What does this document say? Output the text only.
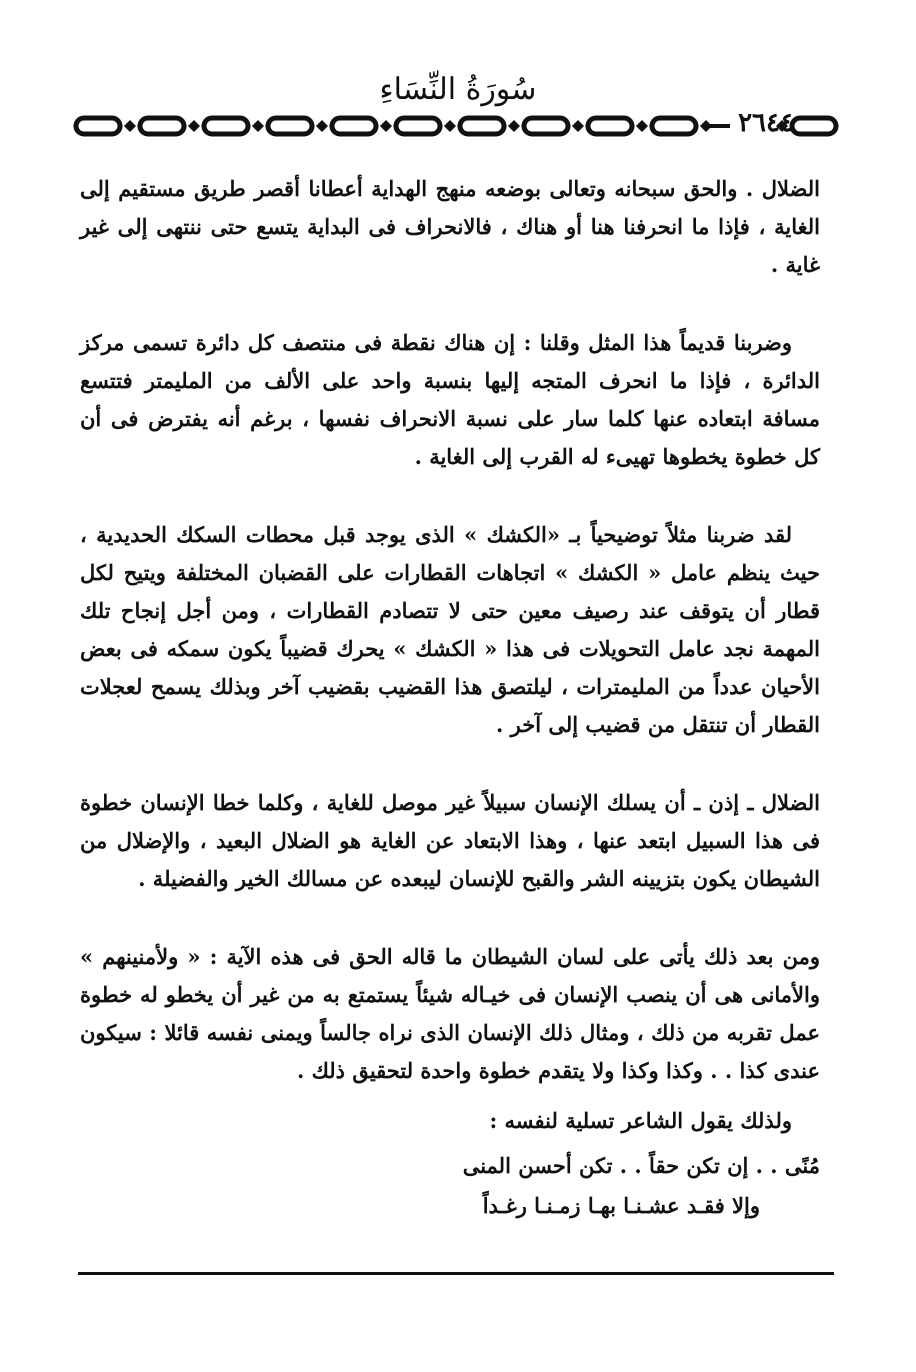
سُورَةُ النِّسَاءِ
٢٦٤٤

الضلال . والحق سبحانه وتعالى بوضعه منهج الهداية أعطانا أقصر طريق مستقيم إلى الغاية ، فإذا ما انحرفنا هنا أو هناك ، فالانحراف فى البداية يتسع حتى ننتهى إلى غير غاية .

وضربنا قديماً هذا المثل وقلنا : إن هناك نقطة فى منتصف كل دائرة تسمى مركز الدائرة ، فإذا ما انحرف المتجه إليها بنسبة واحد على الألف من المليمتر فتتسع مسافة ابتعاده عنها كلما سار على نسبة الانحراف نفسها ، برغم أنه يفترض فى أن كل خطوة يخطوها تهيىء له القرب إلى الغاية .

لقد ضربنا مثلاً توضيحياً بـ «الكشك » الذى يوجد قبل محطات السكك الحديدية ، حيث ينظم عامل « الكشك » اتجاهات القطارات على القضبان المختلفة ويتيح لكل قطار أن يتوقف عند رصيف معين حتى لا تتصادم القطارات ، ومن أجل إنجاح تلك المهمة نجد عامل التحويلات فى هذا « الكشك » يحرك قضيباً يكون سمكه فى بعض الأحيان عدداً من المليمترات ، ليلتصق هذا القضيب بقضيب آخر وبذلك يسمح لعجلات القطار أن تنتقل من قضيب إلى آخر .

الضلال ـ إذن ـ أن يسلك الإنسان سبيلاً غير موصل للغاية ، وكلما خطا الإنسان خطوة فى هذا السبيل ابتعد عنها ، وهذا الابتعاد عن الغاية هو الضلال البعيد ، والإضلال من الشيطان يكون بتزيينه الشر والقبح للإنسان ليبعده عن مسالك الخير والفضيلة .

ومن بعد ذلك يأتى على لسان الشيطان ما قاله الحق فى هذه الآية : « ولأمنينهم » والأمانى هى أن ينصب الإنسان فى خيـاله شيئاً يستمتع به من غير أن يخطو له خطوة عمل تقربه من ذلك ، ومثال ذلك الإنسان الذى نراه جالساً ويمنى نفسه قائلا : سيكون عندى كذا . . وكذا وكذا ولا يتقدم خطوة واحدة لتحقيق ذلك .

ولذلك يقول الشاعر تسلية لنفسه :

مُنًى . . إن تكن حقاً . . تكن أحسن المنى
وإلا فقـد عشـنـا بهـا زمـنـا رغـداً
